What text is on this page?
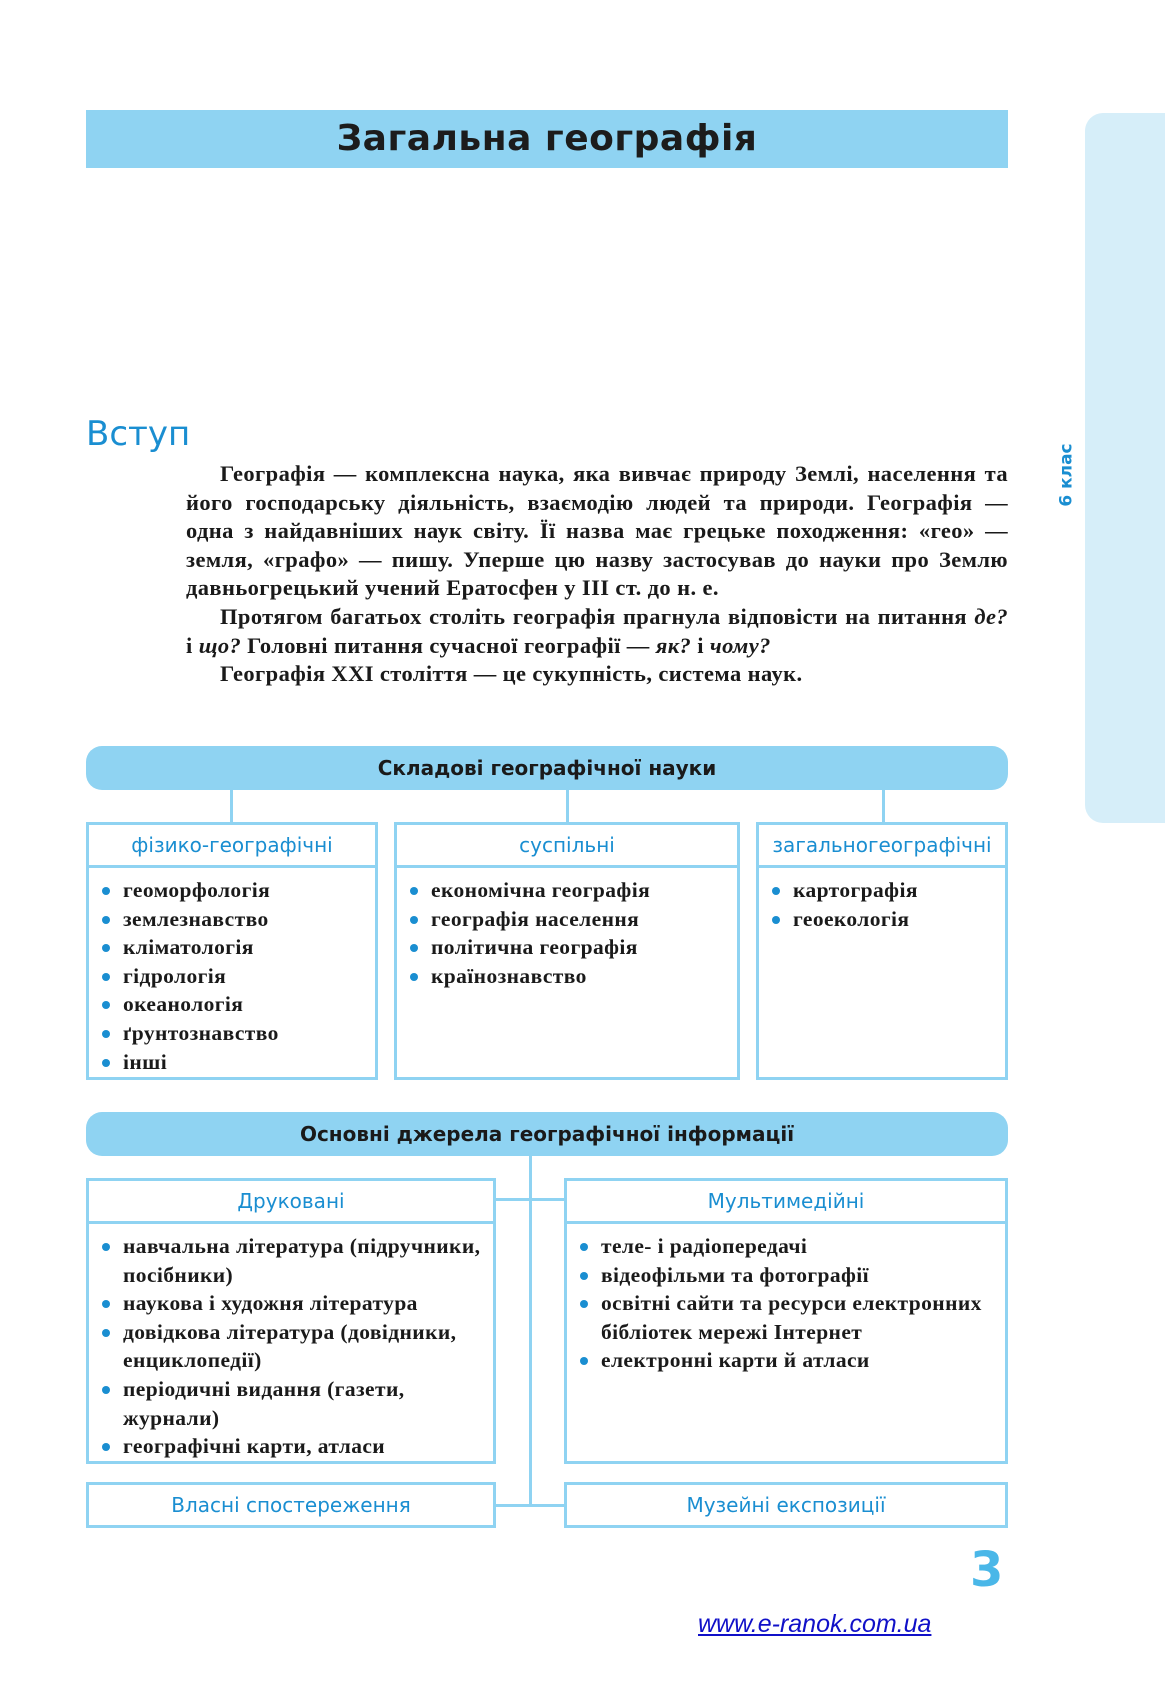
Загальна географія
6 клас
Вступ

Географія — комплексна наука, яка вивчає природу Землі, населення та його господарську діяльність, взаємодію людей та природи. Географія — одна з найдавніших наук світу. Її назва має грецьке походження: «гео» — земля, «графо» — пишу. Уперше цю назву застосував до науки про Землю давньогрецький учений Ератосфен у III ст. до н. е.

Протягом багатьох століть географія прагнула відповісти на питання де? і що? Головні питання сучасної географії — як? і чому?

Географія XXI століття — це сукупність, система наук.

Складові географічної науки
фізико-географічні
геоморфологія
землезнавство
кліматологія
гідрологія
океанологія
ґрунтознавство
інші
суспільні
економічна географія
географія населення
політична географія
країнознавство
загальногеографічні
картографія
геоекологія
Основні джерела географічної інформації
Друковані
навчальна література (підручники, посібники)
наукова і художня література
довідкова література (довідники, енциклопедії)
періодичні видання (газети, журнали)
географічні карти, атласи
Мультимедійні
теле- і радіопередачі
відеофільми та фотографії
освітні сайти та ресурси електронних бібліотек мережі Інтернет
електронні карти й атласи
Власні спостереження	Музейні експозиції
3
www.e-ranok.com.ua
